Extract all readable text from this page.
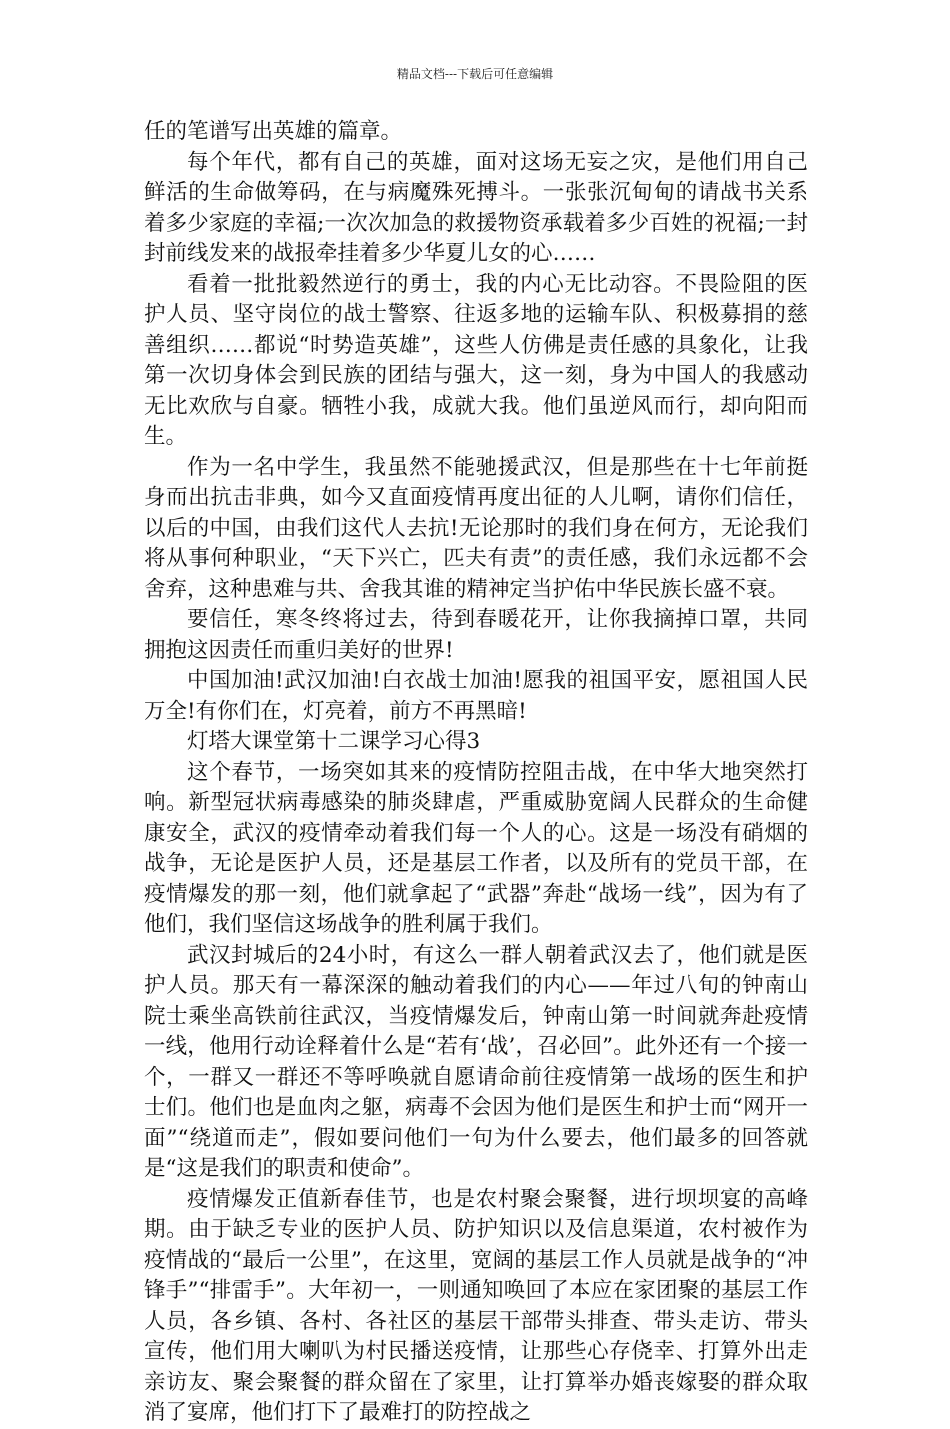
精品文档---下载后可任意编辑

任的笔谱写出英雄的篇章。

每个年代，都有自己的英雄，面对这场无妄之灾，是他们用自己鲜活的生命做筹码，在与病魔殊死搏斗。一张张沉甸甸的请战书关系着多少家庭的幸福;一次次加急的救援物资承载着多少百姓的祝福;一封封前线发来的战报牵挂着多少华夏儿女的心……

看着一批批毅然逆行的勇士，我的内心无比动容。不畏险阻的医护人员、坚守岗位的战士警察、往返多地的运输车队、积极募捐的慈善组织……都说“时势造英雄”，这些人仿佛是责任感的具象化，让我第一次切身体会到民族的团结与强大，这一刻，身为中国人的我感动无比欢欣与自豪。牺牲小我，成就大我。他们虽逆风而行，却向阳而生。

作为一名中学生，我虽然不能驰援武汉，但是那些在十七年前挺身而出抗击非典，如今又直面疫情再度出征的人儿啊，请你们信任，以后的中国，由我们这代人去抗!无论那时的我们身在何方，无论我们将从事何种职业，“天下兴亡，匹夫有责”的责任感，我们永远都不会舍弃，这种患难与共、舍我其谁的精神定当护佑中华民族长盛不衰。

要信任，寒冬终将过去，待到春暖花开，让你我摘掉口罩，共同拥抱这因责任而重归美好的世界!

中国加油!武汉加油!白衣战士加油!愿我的祖国平安，愿祖国人民万全!有你们在，灯亮着，前方不再黑暗!

灯塔大课堂第十二课学习心得3

这个春节，一场突如其来的疫情防控阻击战，在中华大地突然打响。新型冠状病毒感染的肺炎肆虐，严重威胁宽阔人民群众的生命健康安全，武汉的疫情牵动着我们每一个人的心。这是一场没有硝烟的战争，无论是医护人员，还是基层工作者，以及所有的党员干部，在疫情爆发的那一刻，他们就拿起了“武器”奔赴“战场一线”，因为有了他们，我们坚信这场战争的胜利属于我们。

武汉封城后的24小时，有这么一群人朝着武汉去了，他们就是医护人员。那天有一幕深深的触动着我们的内心——年过八旬的钟南山院士乘坐高铁前往武汉，当疫情爆发后，钟南山第一时间就奔赴疫情一线，他用行动诠释着什么是“若有‘战’，召必回”。此外还有一个接一个，一群又一群还不等呼唤就自愿请命前往疫情第一战场的医生和护士们。他们也是血肉之躯，病毒不会因为他们是医生和护士而“网开一面”“绕道而走”，假如要问他们一句为什么要去，他们最多的回答就是“这是我们的职责和使命”。

疫情爆发正值新春佳节，也是农村聚会聚餐，进行坝坝宴的高峰期。由于缺乏专业的医护人员、防护知识以及信息渠道，农村被作为疫情战的“最后一公里”，在这里，宽阔的基层工作人员就是战争的“冲锋手”“排雷手”。大年初一，一则通知唤回了本应在家团聚的基层工作人员，各乡镇、各村、各社区的基层干部带头排查、带头走访、带头宣传，他们用大喇叭为村民播送疫情，让那些心存侥幸、打算外出走亲访友、聚会聚餐的群众留在了家里，让打算举办婚丧嫁娶的群众取消了宴席，他们打下了最难打的防控战之
